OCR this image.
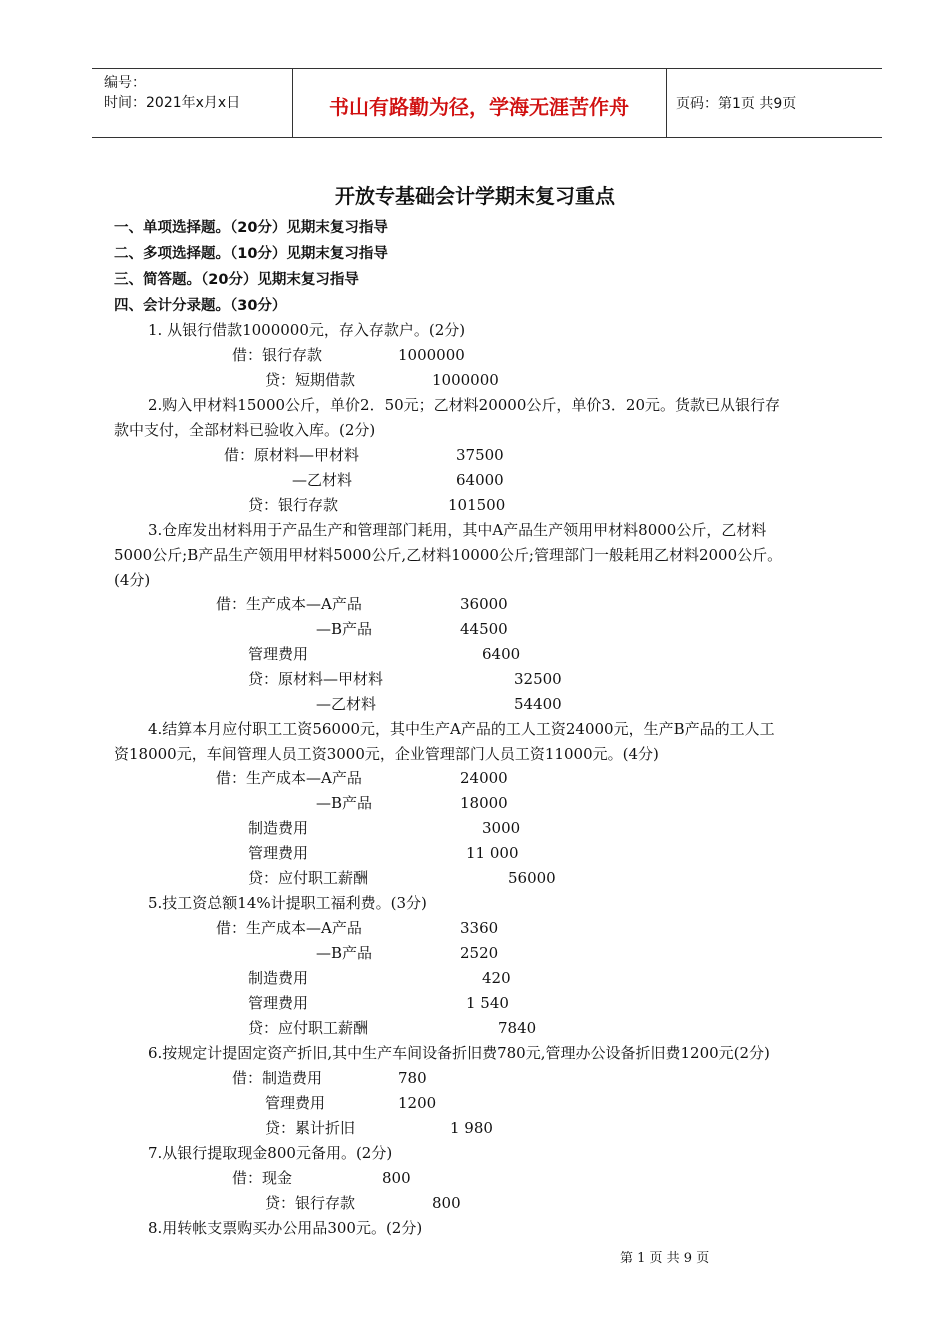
编号：
时间：2021年x月x日	书山有路勤为径，学海无涯苦作舟	页码：第1页 共9页
开放专基础会计学期末复习重点
一、单项选择题。（20分）见期末复习指导
二、多项选择题。（10分）见期末复习指导
三、简答题。（20分）见期末复习指导
四、会计分录题。（30分）
1. 从银行借款1000000元，存入存款户。(2分)
借：银行存款	1000000
贷：短期借款	1000000
2.购入甲材料15000公斤，单价2．50元；乙材料20000公斤，单价3．20元。货款已从银行存
款中支付，全部材料已验收入库。(2分)
借：原材料—甲材料	37500
—乙材料	64000
贷：银行存款	101500
3.仓库发出材料用于产品生产和管理部门耗用，其中A产品生产领用甲材料8000公斤，乙材料
5000公斤;B产品生产领用甲材料5000公斤,乙材料10000公斤;管理部门一般耗用乙材料2000公斤。
(4分)
借：生产成本—A产品	36000
—B产品	44500
管理费用	6400
贷：原材料—甲材料	32500
—乙材料	54400
4.结算本月应付职工工资56000元，其中生产A产品的工人工资24000元，生产B产品的工人工
资18000元，车间管理人员工资3000元，企业管理部门人员工资11000元。(4分)
借：生产成本—A产品	24000
—B产品	18000
制造费用	3000
管理费用	11 000
贷：应付职工薪酬	56000
5.技工资总额14%计提职工福利费。(3分)
借：生产成本—A产品	3360
—B产品	2520
制造费用	420
管理费用	1 540
贷：应付职工薪酬	7840
6.按规定计提固定资产折旧,其中生产车间设备折旧费780元,管理办公设备折旧费1200元(2分)
借：制造费用	780
管理费用	1200
贷：累计折旧	1 980
7.从银行提取现金800元备用。(2分)
借：现金	800
贷：银行存款	800
8.用转帐支票购买办公用品300元。(2分)
第 1 页 共 9 页
